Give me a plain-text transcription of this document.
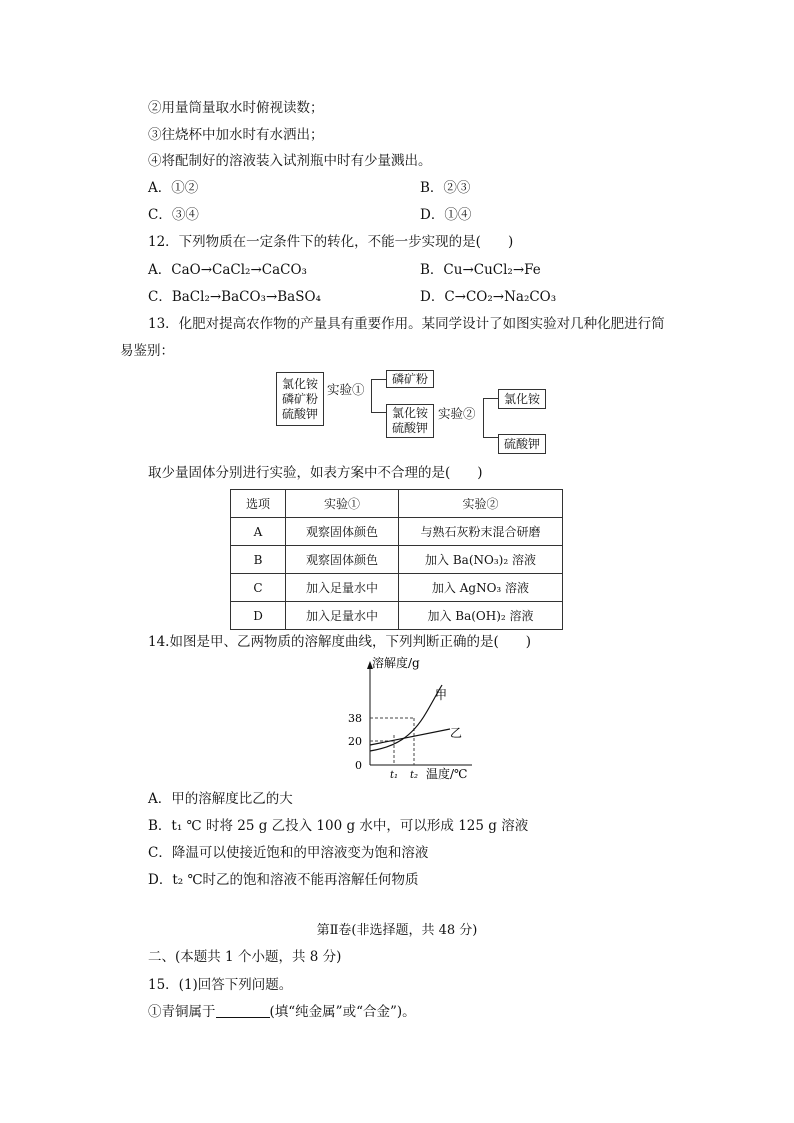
②用量筒量取水时俯视读数；
③往烧杯中加水时有水洒出；
④将配制好的溶液装入试剂瓶中时有少量溅出。
A．①②	B．②③
C．③④	D．①④
12．下列物质在一定条件下的转化，不能一步实现的是(　　)
A．CaO→CaCl₂→CaCO₃	B．Cu→CuCl₂→Fe
C．BaCl₂→BaCO₃→BaSO₄	D．C→CO₂→Na₂CO₃
13．化肥对提高农作物的产量具有重要作用。某同学设计了如图实验对几种化肥进行简
易鉴别：
氯化铵
磷矿粉
硫酸钾
实验①
磷矿粉
氯化铵
硫酸钾
实验②
氯化铵
硫酸钾
取少量固体分别进行实验，如表方案中不合理的是(　　)
选项	实验①	实验②
A	观察固体颜色	与熟石灰粉末混合研磨
B	观察固体颜色	加入 Ba(NO₃)₂ 溶液
C	加入足量水中	加入 AgNO₃ 溶液
D	加入足量水中	加入 Ba(OH)₂ 溶液
14.如图是甲、乙两物质的溶解度曲线，下列判断正确的是(　　)
溶解度/g
38
20
0
t₁ t₂ 温度/℃
甲
乙
A．甲的溶解度比乙的大
B．t₁ ℃ 时将 25 g 乙投入 100 g 水中，可以形成 125 g 溶液
C．降温可以使接近饱和的甲溶液变为饱和溶液
D．t₂ ℃时乙的饱和溶液不能再溶解任何物质
第Ⅱ卷(非选择题，共 48 分)
二、(本题共 1 个小题，共 8 分)
15．(1)回答下列问题。
①青铜属于	(填“纯金属”或“合金”)。
